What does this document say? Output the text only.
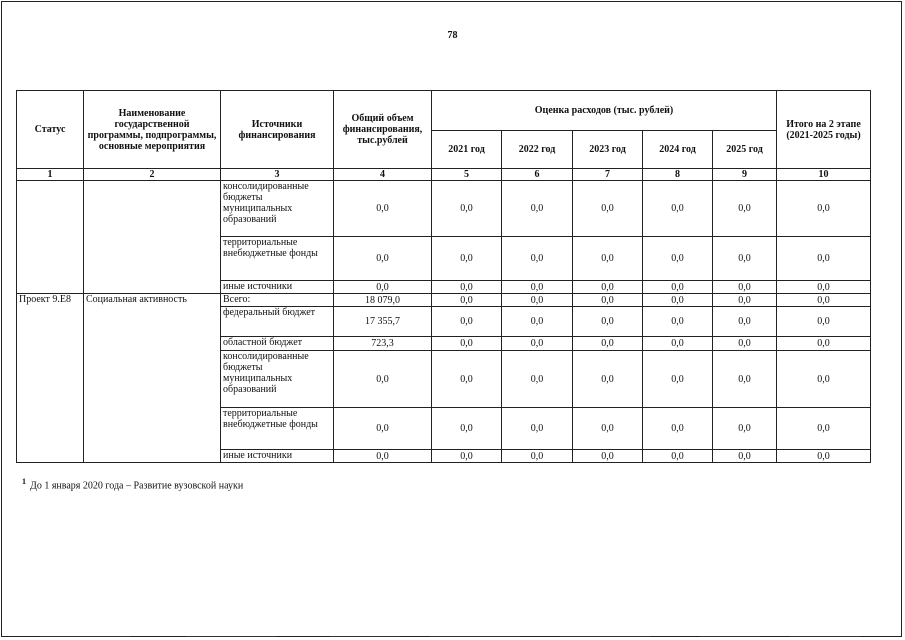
78
Статус	Наименование государственной программы, подпрограммы, основные мероприятия	Источники финансирования	Общий объем финансирования, тыс.рублей	Оценка расходов (тыс. рублей)					Итого на 2 этапе (2021-2025 годы)
				2021 год	2022 год	2023 год	2024 год	2025 год	
1	2	3	4	5	6	7	8	9	10
		консолидированные бюджеты муниципальных образований	0,0	0,0	0,0	0,0	0,0	0,0	0,0
		территориальные внебюджетные фонды	0,0	0,0	0,0	0,0	0,0	0,0	0,0
		иные источники	0,0	0,0	0,0	0,0	0,0	0,0	0,0
Проект 9.Е8	Социальная активность	Всего:	18 079,0	0,0	0,0	0,0	0,0	0,0	0,0
		федеральный бюджет	17 355,7	0,0	0,0	0,0	0,0	0,0	0,0
		областной бюджет	723,3	0,0	0,0	0,0	0,0	0,0	0,0
		консолидированные бюджеты муниципальных образований	0,0	0,0	0,0	0,0	0,0	0,0	0,0
		территориальные внебюджетные фонды	0,0	0,0	0,0	0,0	0,0	0,0	0,0
		иные источники	0,0	0,0	0,0	0,0	0,0	0,0	0,0
$^1$ До 1 января 2020 года – Развитие вузовской науки
